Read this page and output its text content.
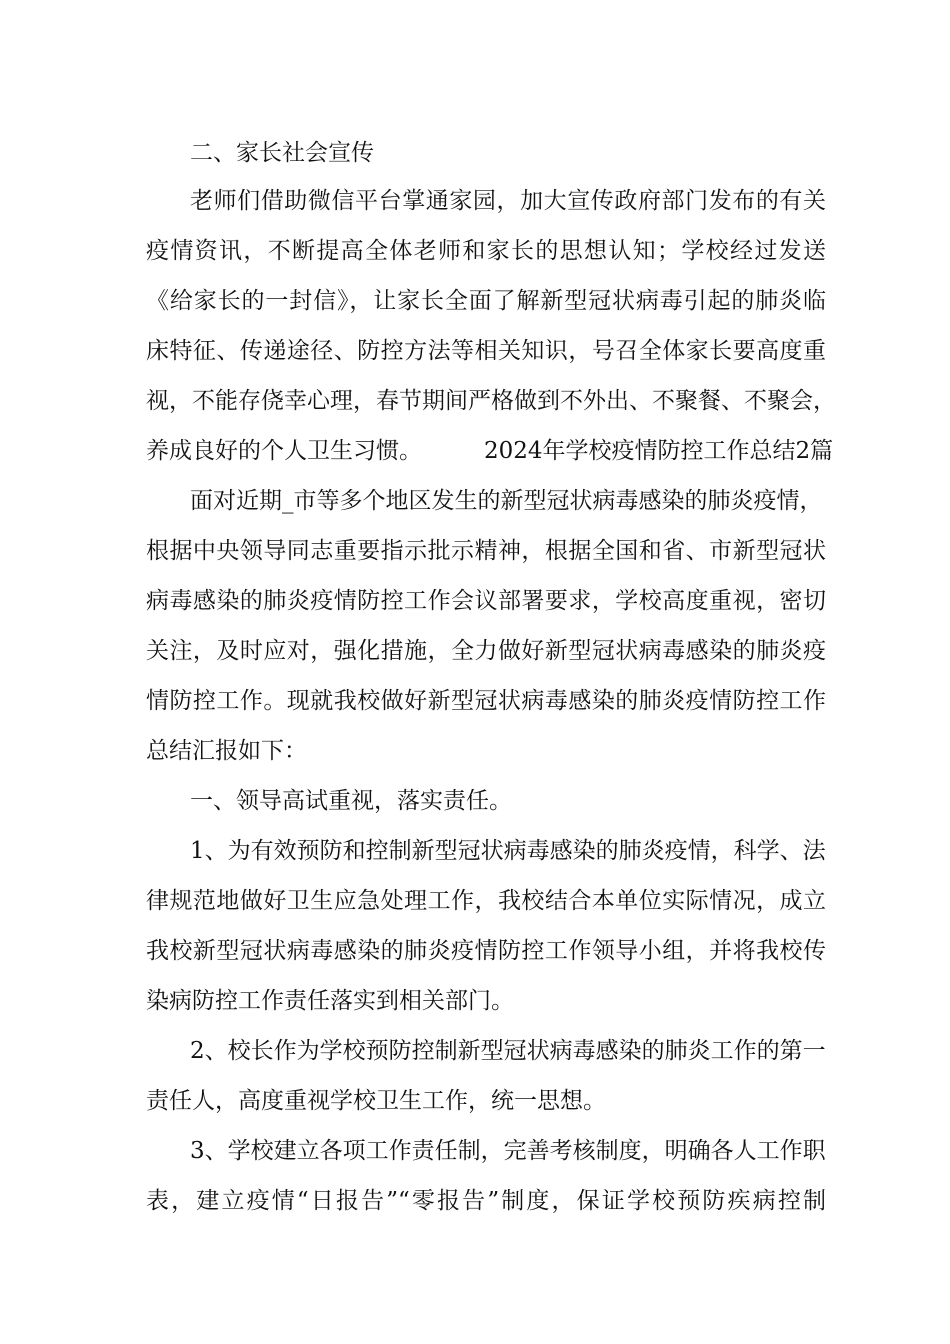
二、家长社会宣传
老师们借助微信平台掌通家园，加大宣传政府部门发布的有关
疫情资讯，不断提高全体老师和家长的思想认知；学校经过发送
《给家长的一封信》，让家长全面了解新型冠状病毒引起的肺炎临
床特征、传递途径、防控方法等相关知识，号召全体家长要高度重
视，不能存侥幸心理，春节期间严格做到不外出、不聚餐、不聚会，
养成良好的个人卫生习惯。	2024年学校疫情防控工作总结2篇
面对近期_市等多个地区发生的新型冠状病毒感染的肺炎疫情，
根据中央领导同志重要指示批示精神，根据全国和省、市新型冠状
病毒感染的肺炎疫情防控工作会议部署要求，学校高度重视，密切
关注，及时应对，强化措施，全力做好新型冠状病毒感染的肺炎疫
情防控工作。现就我校做好新型冠状病毒感染的肺炎疫情防控工作
总结汇报如下：
一、领导高试重视，落实责任。
1、为有效预防和控制新型冠状病毒感染的肺炎疫情，科学、法
律规范地做好卫生应急处理工作，我校结合本单位实际情况，成立
我校新型冠状病毒感染的肺炎疫情防控工作领导小组，并将我校传
染病防控工作责任落实到相关部门。
2、校长作为学校预防控制新型冠状病毒感染的肺炎工作的第一
责任人，高度重视学校卫生工作，统一思想。
3、学校建立各项工作责任制，完善考核制度，明确各人工作职
表，建立疫情“日报告”“零报告”制度，保证学校预防疾病控制
